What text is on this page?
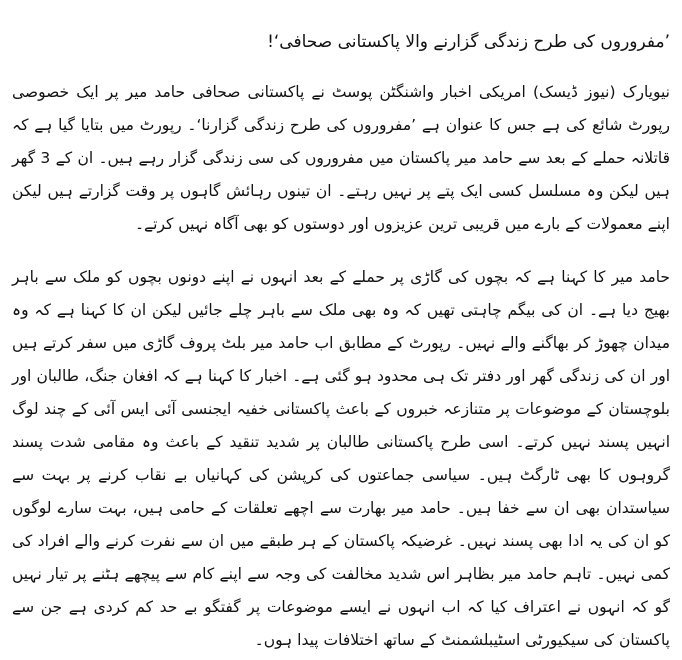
’مفروروں کی طرح زندگی گزارنے والا پاکستانی صحافی‘!

نیویارک (نیوز ڈیسک) امریکی اخبار واشنگٹن پوسٹ نے پاکستانی صحافی حامد میر پر ایک خصوصی رپورٹ شائع کی ہے جس کا عنوان ہے ’مفروروں کی طرح زندگی گزارنا‘۔ رپورٹ میں بتایا گیا ہے کہ قاتلانہ حملے کے بعد سے حامد میر پاکستان میں مفروروں کی سی زندگی گزار رہے ہیں۔ ان کے 3 گھر ہیں لیکن وہ مسلسل کسی ایک پتے پر نہیں رہتے۔ ان تینوں رہائش گاہوں پر وقت گزارتے ہیں لیکن اپنے معمولات کے بارے میں قریبی ترین عزیزوں اور دوستوں کو بھی آگاہ نہیں کرتے۔

حامد میر کا کہنا ہے کہ بچوں کی گاڑی پر حملے کے بعد انہوں نے اپنے دونوں بچوں کو ملک سے باہر بھیج دیا ہے۔ ان کی بیگم چاہتی تھیں کہ وہ بھی ملک سے باہر چلے جائیں لیکن ان کا کہنا ہے کہ وہ میدان چھوڑ کر بھاگنے والے نہیں۔ رپورٹ کے مطابق اب حامد میر بلٹ پروف گاڑی میں سفر کرتے ہیں اور ان کی زندگی گھر اور دفتر تک ہی محدود ہو گئی ہے۔ اخبار کا کہنا ہے کہ افغان جنگ، طالبان اور بلوچستان کے موضوعات پر متنازعہ خبروں کے باعث پاکستانی خفیہ ایجنسی آئی ایس آئی کے چند لوگ انہیں پسند نہیں کرتے۔ اسی طرح پاکستانی طالبان پر شدید تنقید کے باعث وہ مقامی شدت پسند گروہوں کا بھی ٹارگٹ ہیں۔ سیاسی جماعتوں کی کرپشن کی کہانیاں بے نقاب کرنے پر بہت سے سیاستدان بھی ان سے خفا ہیں۔ حامد میر بھارت سے اچھے تعلقات کے حامی ہیں، بہت سارے لوگوں کو ان کی یہ ادا بھی پسند نہیں۔ غرضیکہ پاکستان کے ہر طبقے میں ان سے نفرت کرنے والے افراد کی کمی نہیں۔ تاہم حامد میر بظاہر اس شدید مخالفت کی وجہ سے اپنے کام سے پیچھے ہٹنے پر تیار نہیں گو کہ انہوں نے اعتراف کیا کہ اب انہوں نے ایسے موضوعات پر گفتگو بے حد کم کردی ہے جن سے پاکستان کی سیکیورٹی اسٹیبلشمنٹ کے ساتھ اختلافات پیدا ہوں۔
